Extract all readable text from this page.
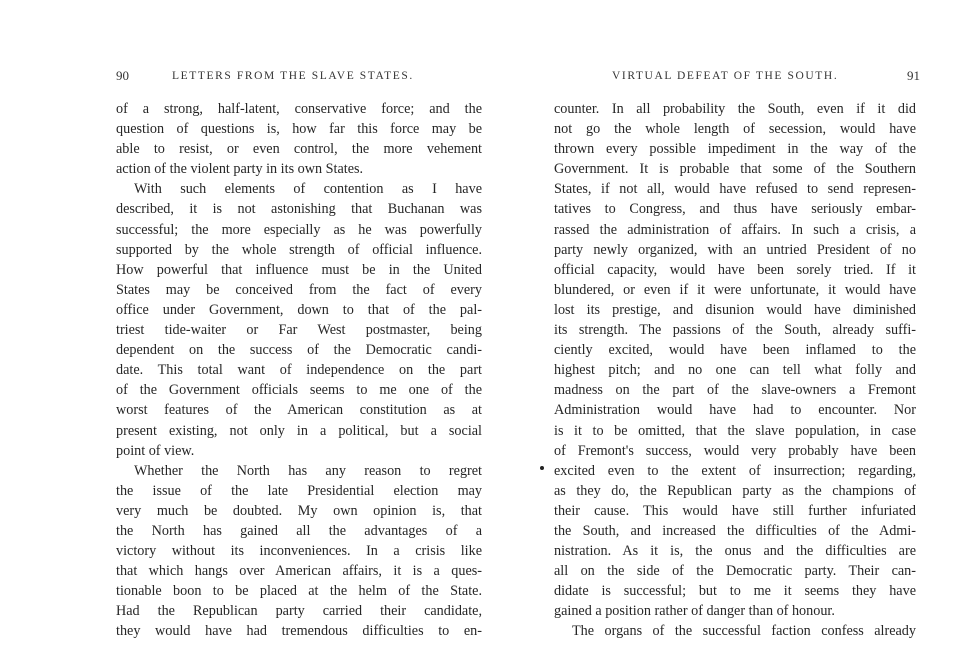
90	LETTERS FROM THE SLAVE STATES.
of a strong, half-latent, conservative force; and the
question of questions is, how far this force may be
able to resist, or even control, the more vehement
action of the violent party in its own States.
With such elements of contention as I have
described, it is not astonishing that Buchanan was
successful; the more especially as he was powerfully
supported by the whole strength of official influence.
How powerful that influence must be in the United
States may be conceived from the fact of every
office under Government, down to that of the pal-
triest tide-waiter or Far West postmaster, being
dependent on the success of the Democratic candi-
date. This total want of independence on the part
of the Government officials seems to me one of the
worst features of the American constitution as at
present existing, not only in a political, but a social
point of view.
Whether the North has any reason to regret
the issue of the late Presidential election may
very much be doubted. My own opinion is, that
the North has gained all the advantages of a
victory without its inconveniences. In a crisis like
that which hangs over American affairs, it is a ques-
tionable boon to be placed at the helm of the State.
Had the Republican party carried their candidate,
they would have had tremendous difficulties to en-
VIRTUAL DEFEAT OF THE SOUTH.	91
counter. In all probability the South, even if it did
not go the whole length of secession, would have
thrown every possible impediment in the way of the
Government. It is probable that some of the Southern
States, if not all, would have refused to send represen-
tatives to Congress, and thus have seriously embar-
rassed the administration of affairs. In such a crisis, a
party newly organized, with an untried President of no
official capacity, would have been sorely tried. If it
blundered, or even if it were unfortunate, it would have
lost its prestige, and disunion would have diminished
its strength. The passions of the South, already suffi-
ciently excited, would have been inflamed to the
highest pitch; and no one can tell what folly and
madness on the part of the slave-owners a Fremont
Administration would have had to encounter. Nor
is it to be omitted, that the slave population, in case
of Fremont's success, would very probably have been
excited even to the extent of insurrection; regarding,
as they do, the Republican party as the champions of
their cause. This would have still further infuriated
the South, and increased the difficulties of the Admi-
nistration. As it is, the onus and the difficulties are
all on the side of the Democratic party. Their can-
didate is successful; but to me it seems they have
gained a position rather of danger than of honour.
The organs of the successful faction confess already
